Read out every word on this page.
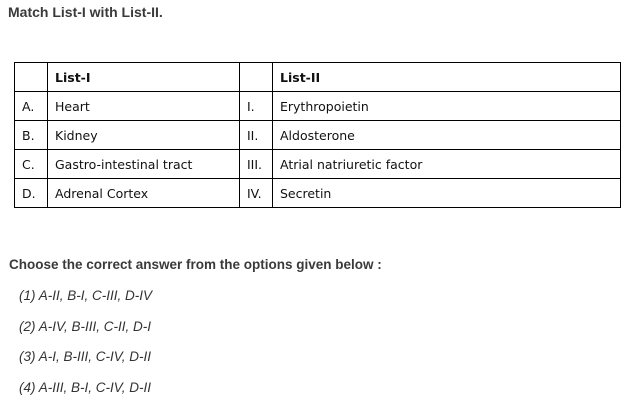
Match List-I with List-II.
	List-I		List-II
A.	Heart	I.	Erythropoietin
B.	Kidney	II.	Aldosterone
C.	Gastro-intestinal tract	III.	Atrial natriuretic factor
D.	Adrenal Cortex	IV.	Secretin
Choose the correct answer from the options given below :
(1) A-II, B-I, C-III, D-IV
(2) A-IV, B-III, C-II, D-I
(3) A-I, B-III, C-IV, D-II
(4) A-III, B-I, C-IV, D-II
